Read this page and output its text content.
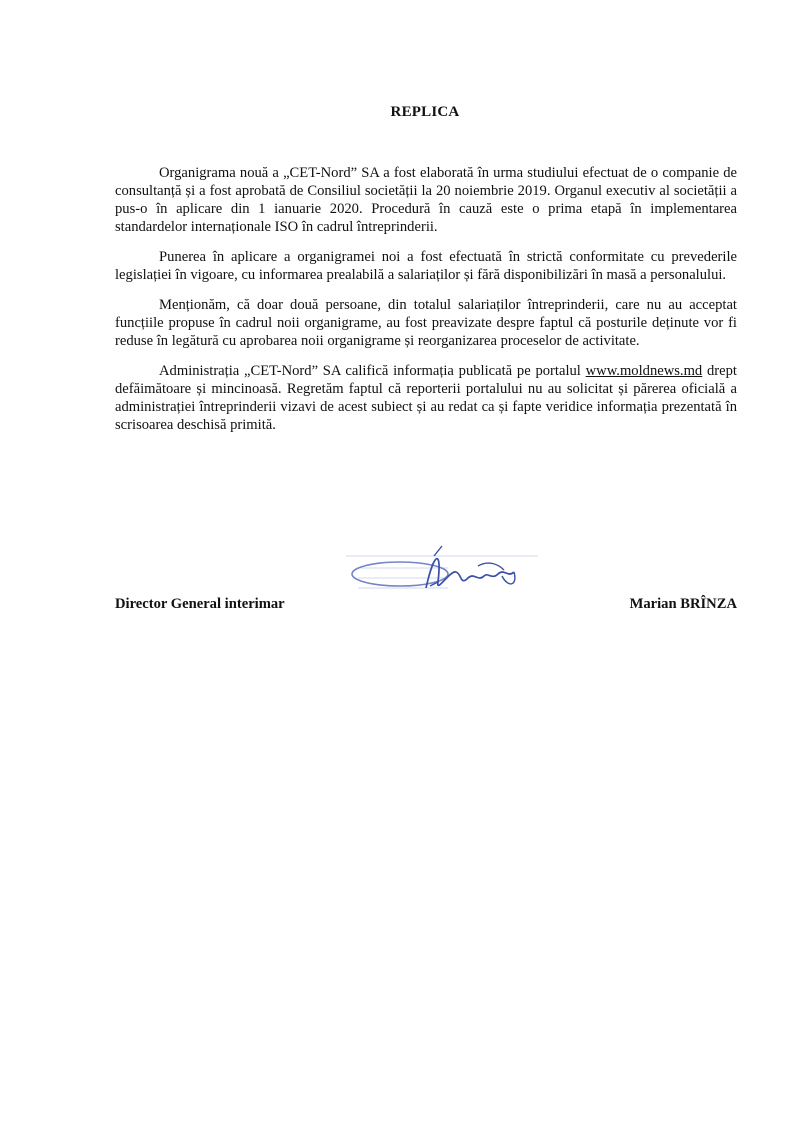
REPLICA

Organigrama nouă a „CET-Nord” SA a fost elaborată în urma studiului efectuat de o companie de consultanță și a fost aprobată de Consiliul societății la 20 noiembrie 2019. Organul executiv al societății a pus-o în aplicare din 1 ianuarie 2020. Procedură în cauză este o prima etapă în implementarea standardelor internaționale ISO în cadrul întreprinderii.

Punerea în aplicare a organigramei noi a fost efectuată în strictă conformitate cu prevederile legislației în vigoare, cu informarea prealabilă a salariaților și fără disponibilizări în masă a personalului.

Menționăm, că doar două persoane, din totalul salariaților întreprinderii, care nu au acceptat funcțiile propuse în cadrul noii organigrame, au fost preavizate despre faptul că posturile deținute vor fi reduse în legătură cu aprobarea noii organigrame și reorganizarea proceselor de activitate.

Administrația „CET-Nord” SA califică informația publicată pe portalul www.moldnews.md drept defăimătoare și mincinoasă. Regretăm faptul că reporterii portalului nu au solicitat și părerea oficială a administrației întreprinderii vizavi de acest subiect și au redat ca și fapte veridice informația prezentată în scrisoarea deschisă primită.

Director General interimar	Marian BRÎNZA
